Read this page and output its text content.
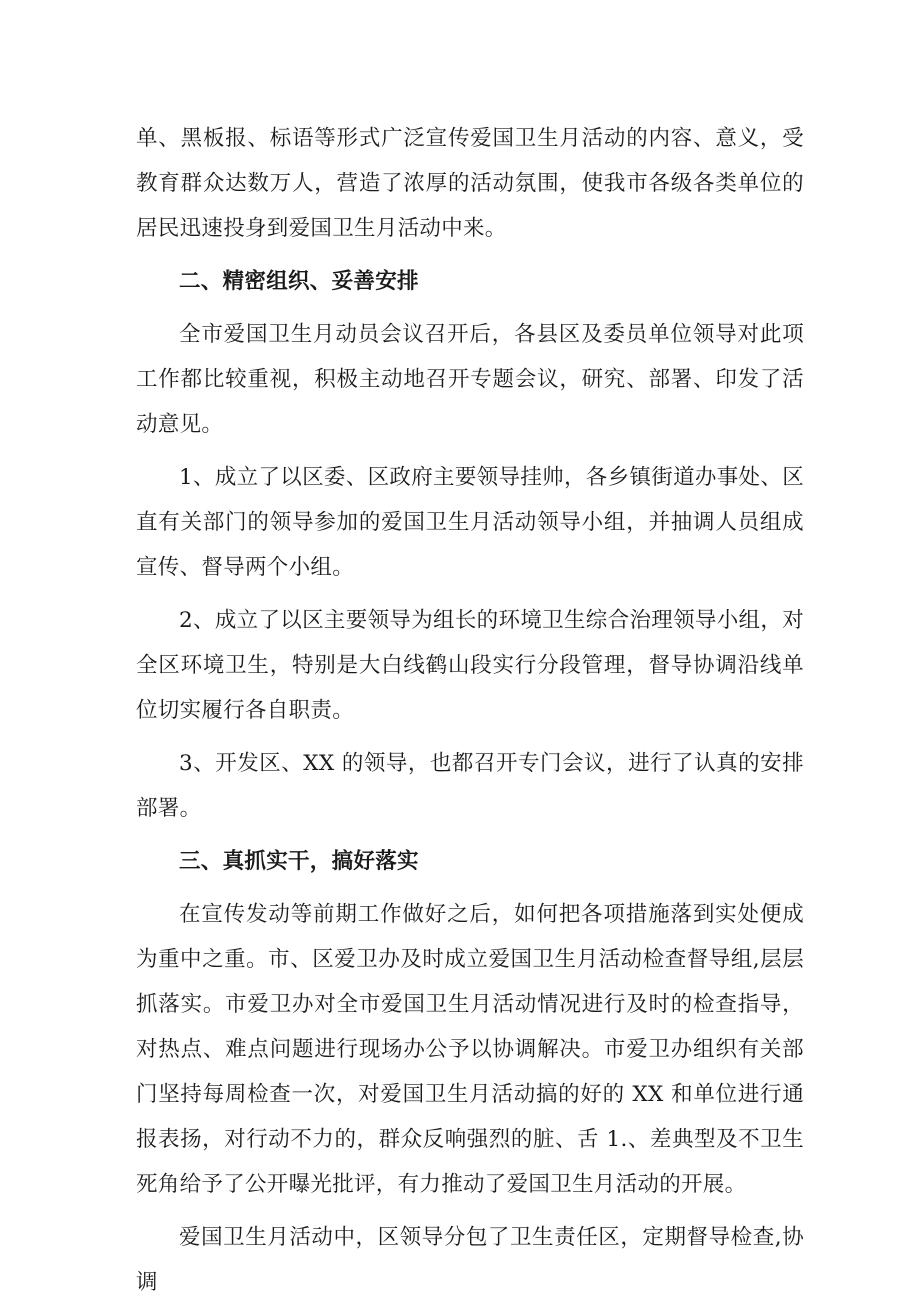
单、黑板报、标语等形式广泛宣传爱国卫生月活动的内容、意义，受教育群众达数万人，营造了浓厚的活动氛围，使我市各级各类单位的居民迅速投身到爱国卫生月活动中来。

二、精密组织、妥善安排

全市爱国卫生月动员会议召开后，各县区及委员单位领导对此项工作都比较重视，积极主动地召开专题会议，研究、部署、印发了活动意见。

1、成立了以区委、区政府主要领导挂帅，各乡镇街道办事处、区直有关部门的领导参加的爱国卫生月活动领导小组，并抽调人员组成宣传、督导两个小组。

2、成立了以区主要领导为组长的环境卫生综合治理领导小组，对全区环境卫生，特别是大白线鹤山段实行分段管理，督导协调沿线单位切实履行各自职责。

3、开发区、XX 的领导，也都召开专门会议，进行了认真的安排部署。

三、真抓实干，搞好落实

在宣传发动等前期工作做好之后，如何把各项措施落到实处便成为重中之重。市、区爱卫办及时成立爱国卫生月活动检查督导组,层层抓落实。市爱卫办对全市爱国卫生月活动情况进行及时的检查指导，对热点、难点问题进行现场办公予以协调解决。市爱卫办组织有关部门坚持每周检查一次，对爱国卫生月活动搞的好的 XX 和单位进行通报表扬，对行动不力的，群众反响强烈的脏、舌 1.、差典型及不卫生死角给予了公开曝光批评，有力推动了爱国卫生月活动的开展。

爱国卫生月活动中，区领导分包了卫生责任区，定期督导检查,协调
